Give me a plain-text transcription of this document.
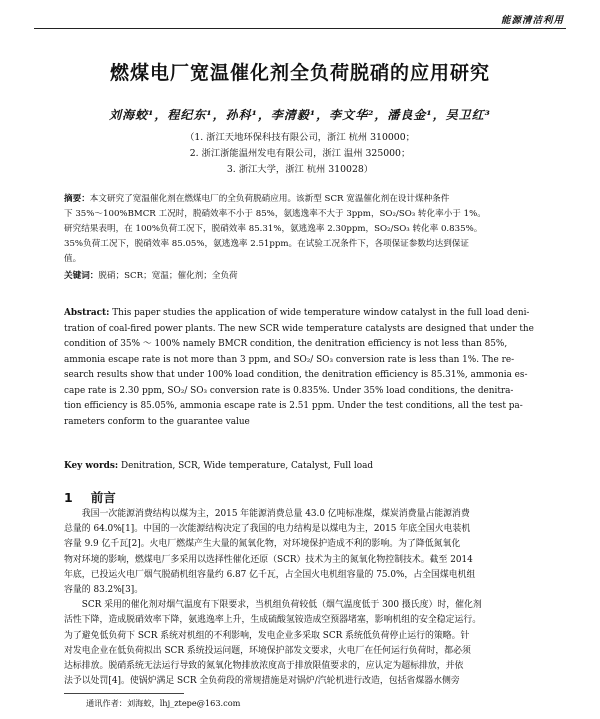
能源清洁利用
燃煤电厂宽温催化剂全负荷脱硝的应用研究
刘海蛟¹，程纪东¹，孙科¹，李清毅¹，李文华²，潘良金¹，吴卫红³
（1. 浙江天地环保科技有限公司，浙江 杭州 310000；
2. 浙江浙能温州发电有限公司，浙江 温州 325000；
3. 浙江大学，浙江 杭州 310028）
摘要：本文研究了宽温催化剂在燃煤电厂的全负荷脱硝应用。该新型 SCR 宽温催化剂在设计煤种条件
下 35%～100%BMCR 工况时，脱硝效率不小于 85%，氨逃逸率不大于 3ppm，SO₂/SO₃ 转化率小于 1%。
研究结果表明，在 100%负荷工况下，脱硝效率 85.31%，氨逃逸率 2.30ppm，SO₂/SO₃ 转化率 0.835%。
35%负荷工况下，脱硝效率 85.05%，氨逃逸率 2.51ppm。在试验工况条件下，各项保证参数均达到保证
值。
关键词：脱硝；SCR；宽温；催化剂；全负荷
Abstract: This paper studies the application of wide temperature window catalyst in the full load deni-
tration of coal-fired power plants. The new SCR wide temperature catalysts are designed that under the
condition of 35% ～ 100% namely BMCR condition, the denitration efficiency is not less than 85%,
ammonia escape rate is not more than 3 ppm, and SO₂/ SO₃ conversion rate is less than 1%. The re-
search results show that under 100% load condition, the denitration efficiency is 85.31%, ammonia es-
cape rate is 2.30 ppm, SO₂/ SO₃ conversion rate is 0.835%. Under 35% load conditions, the denitra-
tion efficiency is 85.05%, ammonia escape rate is 2.51 ppm. Under the test conditions, all the test pa-
rameters conform to the guarantee value
Key words: Denitration, SCR, Wide temperature, Catalyst, Full load
1 前言
　　我国一次能源消费结构以煤为主，2015 年能源消费总量 43.0 亿吨标准煤，煤炭消费量占能源消费
总量的 64.0%[1]。中国的一次能源结构决定了我国的电力结构是以煤电为主，2015 年底全国火电装机
容量 9.9 亿千瓦[2]。火电厂燃煤产生大量的氮氧化物，对环境保护造成不利的影响。为了降低氮氧化
物对环境的影响，燃煤电厂多采用以选择性催化还原（SCR）技术为主的氮氧化物控制技术。截至 2014
年底，已投运火电厂烟气脱硝机组容量约 6.87 亿千瓦，占全国火电机组容量的 75.0%，占全国煤电机组
容量的 83.2%[3]。
　　SCR 采用的催化剂对烟气温度有下限要求，当机组负荷较低（烟气温度低于 300 摄氏度）时，催化剂
活性下降，造成脱硝效率下降，氨逃逸率上升，生成硫酸氢铵造成空预器堵塞，影响机组的安全稳定运行。
为了避免低负荷下 SCR 系统对机组的不利影响，发电企业多采取 SCR 系统低负荷停止运行的策略。针
对发电企业在低负荷拟出 SCR 系统投运问题，环境保护部发文要求，火电厂在任何运行负荷时，都必须
达标排放。脱硝系统无法运行导致的氮氧化物排放浓度高于排放限值要求的，应认定为超标排放，并依
法予以处罚[4]。使锅炉满足 SCR 全负荷段的常规措施是对锅炉/汽轮机进行改造，包括省煤器水侧旁
通讯作者：刘海蛟，lhj_ztepe@163.com
